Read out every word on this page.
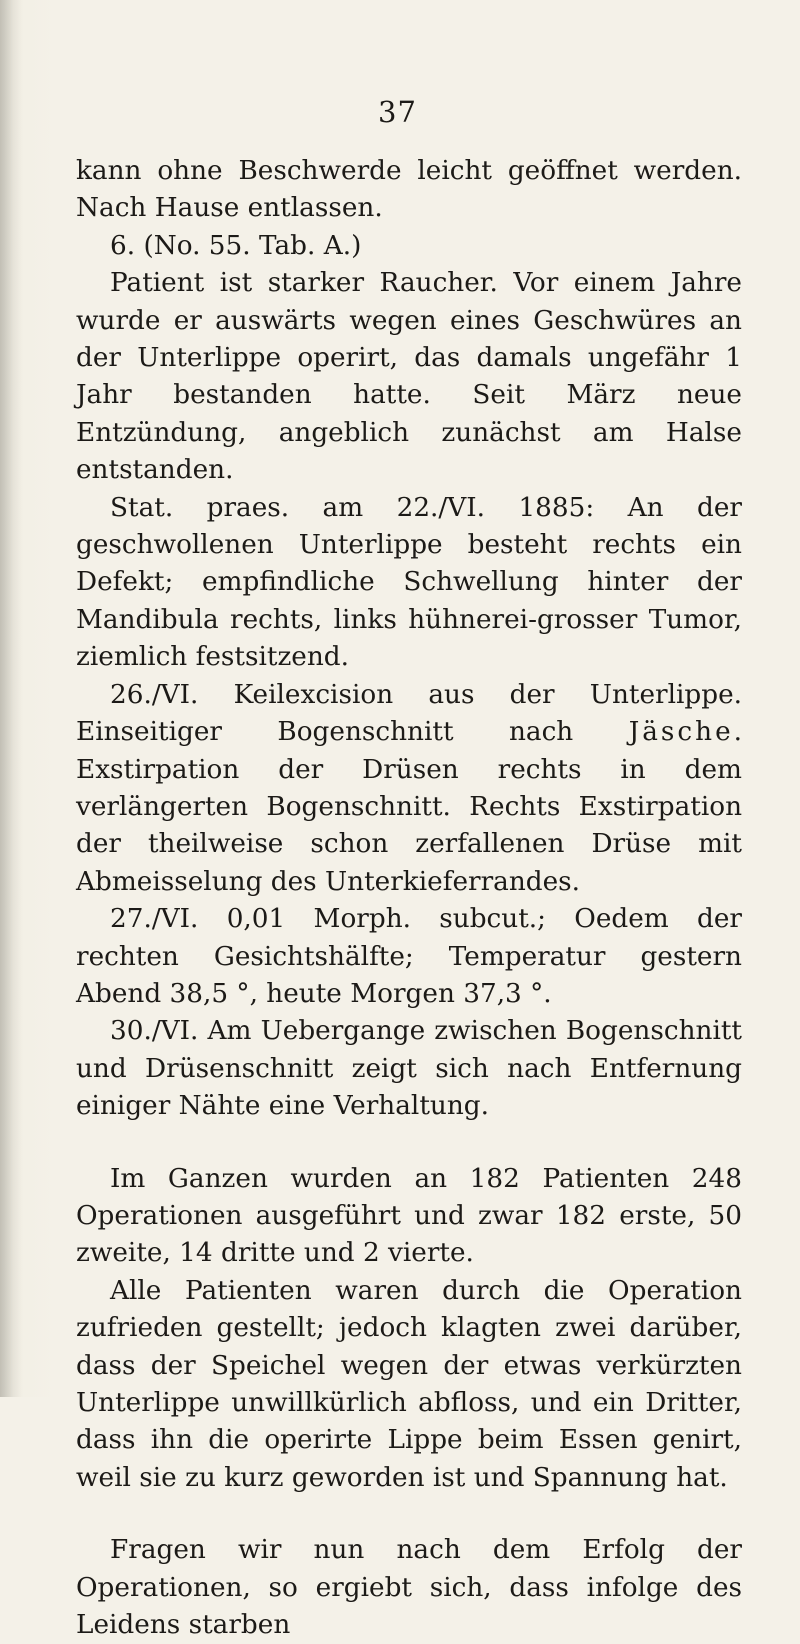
37

kann ohne Beschwerde leicht geöffnet werden. Nach Hause entlassen.

6. (No. 55. Tab. A.)

Patient ist starker Raucher. Vor einem Jahre wurde er auswärts wegen eines Geschwüres an der Unterlippe operirt, das damals ungefähr 1 Jahr bestanden hatte. Seit März neue Entzündung, angeblich zunächst am Halse entstanden.

Stat. praes. am 22./VI. 1885: An der geschwollenen Unterlippe besteht rechts ein Defekt; empfindliche Schwellung hinter der Mandibula rechts, links hühnerei-grosser Tumor, ziemlich festsitzend.

26./VI. Keilexcision aus der Unterlippe. Einseitiger Bogenschnitt nach Jäsche. Exstirpation der Drüsen rechts in dem verlängerten Bogenschnitt. Rechts Exstirpation der theilweise schon zerfallenen Drüse mit Abmeisselung des Unterkieferrandes.

27./VI. 0,01 Morph. subcut.; Oedem der rechten Gesichtshälfte; Temperatur gestern Abend 38,5 °, heute Morgen 37,3 °.

30./VI. Am Uebergange zwischen Bogenschnitt und Drüsenschnitt zeigt sich nach Entfernung einiger Nähte eine Verhaltung.

Im Ganzen wurden an 182 Patienten 248 Operationen ausgeführt und zwar 182 erste, 50 zweite, 14 dritte und 2 vierte.

Alle Patienten waren durch die Operation zufrieden gestellt; jedoch klagten zwei darüber, dass der Speichel wegen der etwas verkürzten Unterlippe unwillkürlich abfloss, und ein Dritter, dass ihn die operirte Lippe beim Essen genirt, weil sie zu kurz geworden ist und Spannung hat.

Fragen wir nun nach dem Erfolg der Operationen, so ergiebt sich, dass infolge des Leidens starben
